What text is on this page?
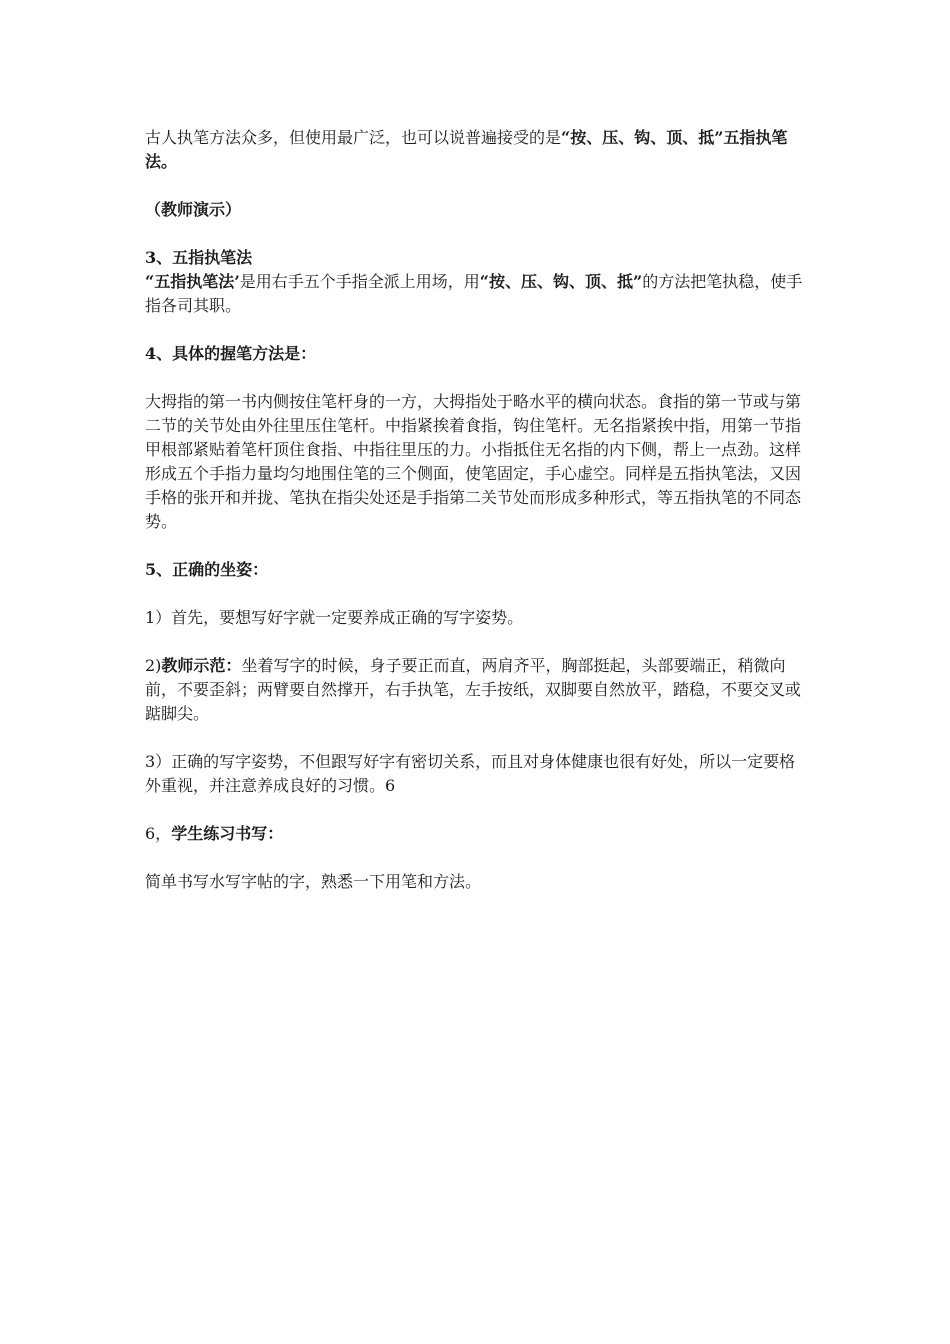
古人执笔方法众多，但使用最广泛，也可以说普遍接受的是“按、压、钩、顶、抵”五指执笔法。

（教师演示）

3、五指执笔法

“五指执笔法’是用右手五个手指全派上用场，用“按、压、钩、顶、抵”的方法把笔执稳，使手指各司其职。

4、具体的握笔方法是：

大拇指的第一书内侧按住笔杆身的一方，大拇指处于略水平的横向状态。食指的第一节或与第二节的关节处由外往里压住笔杆。中指紧挨着食指，钩住笔杆。无名指紧挨中指，用第一节指甲根部紧贴着笔杆顶住食指、中指往里压的力。小指抵住无名指的内下侧，帮上一点劲。这样形成五个手指力量均匀地围住笔的三个侧面，使笔固定，手心虚空。同样是五指执笔法，又因手格的张开和并拢、笔执在指尖处还是手指第二关节处而形成多种形式，等五指执笔的不同态势。

5、正确的坐姿：

1）首先，要想写好字就一定要养成正确的写字姿势。

2)教师示范：坐着写字的时候，身子要正而直，两肩齐平，胸部挺起，头部要端正，稍微向前，不要歪斜；两臂要自然撑开，右手执笔，左手按纸，双脚要自然放平，踏稳，不要交叉或踮脚尖。

3）正确的写字姿势，不但跟写好字有密切关系，而且对身体健康也很有好处，所以一定要格外重视，并注意养成良好的习惯。6

6，学生练习书写：

简单书写水写字帖的字，熟悉一下用笔和方法。
